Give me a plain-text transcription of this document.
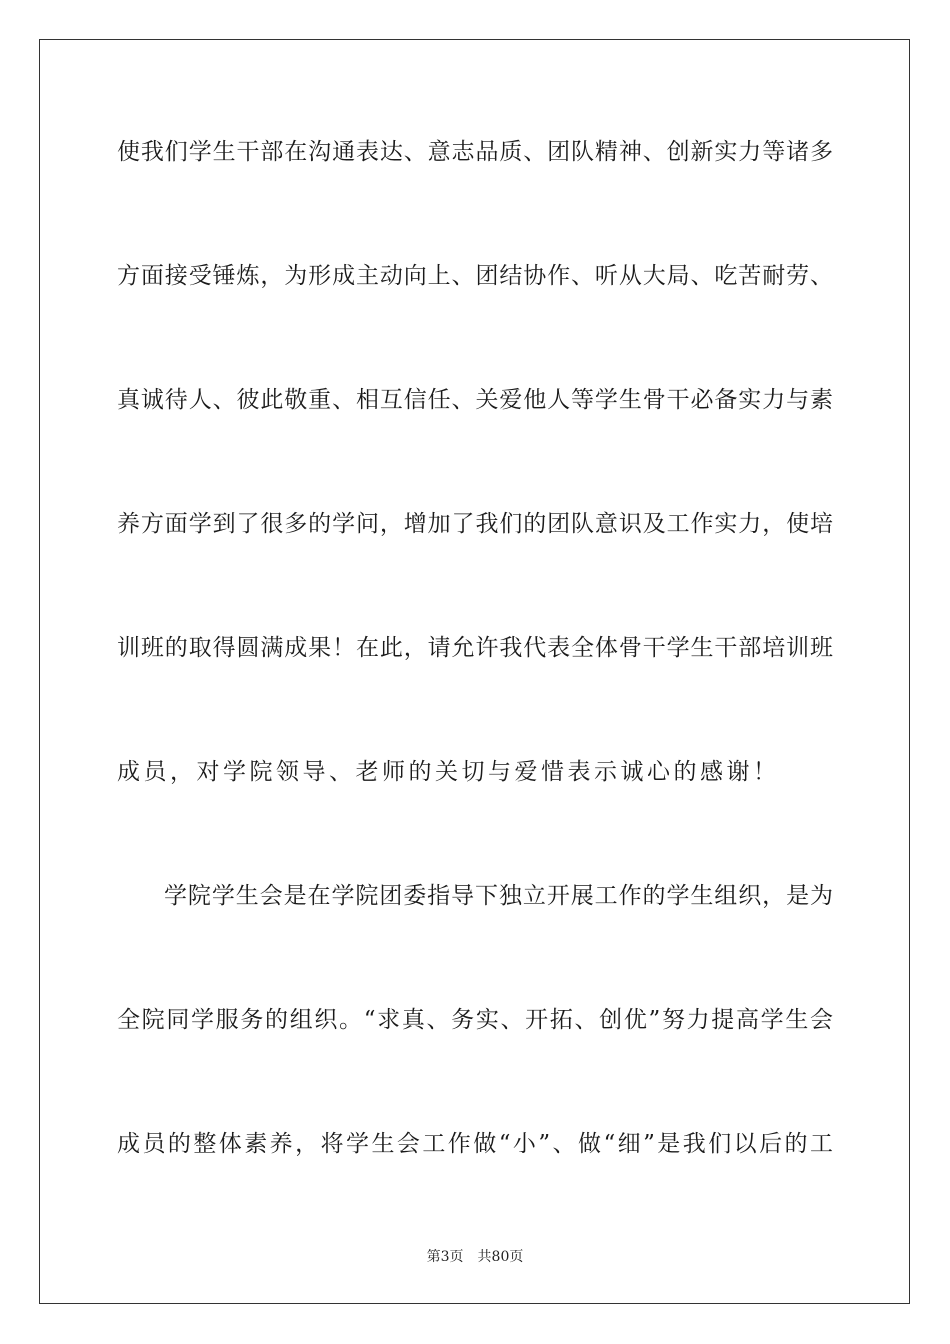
使我们学生干部在沟通表达、意志品质、团队精神、创新实力等诸多
方面接受锤炼，为形成主动向上、团结协作、听从大局、吃苦耐劳、
真诚待人、彼此敬重、相互信任、关爱他人等学生骨干必备实力与素
养方面学到了很多的学问，增加了我们的团队意识及工作实力，使培
训班的取得圆满成果！在此，请允许我代表全体骨干学生干部培训班
成员，对学院领导、老师的关切与爱惜表示诚心的感谢！
学院学生会是在学院团委指导下独立开展工作的学生组织，是为
全院同学服务的组织。“求真、务实、开拓、创优”努力提高学生会
成员的整体素养，将学生会工作做“小”、做“细”是我们以后的工
第3页 共80页
